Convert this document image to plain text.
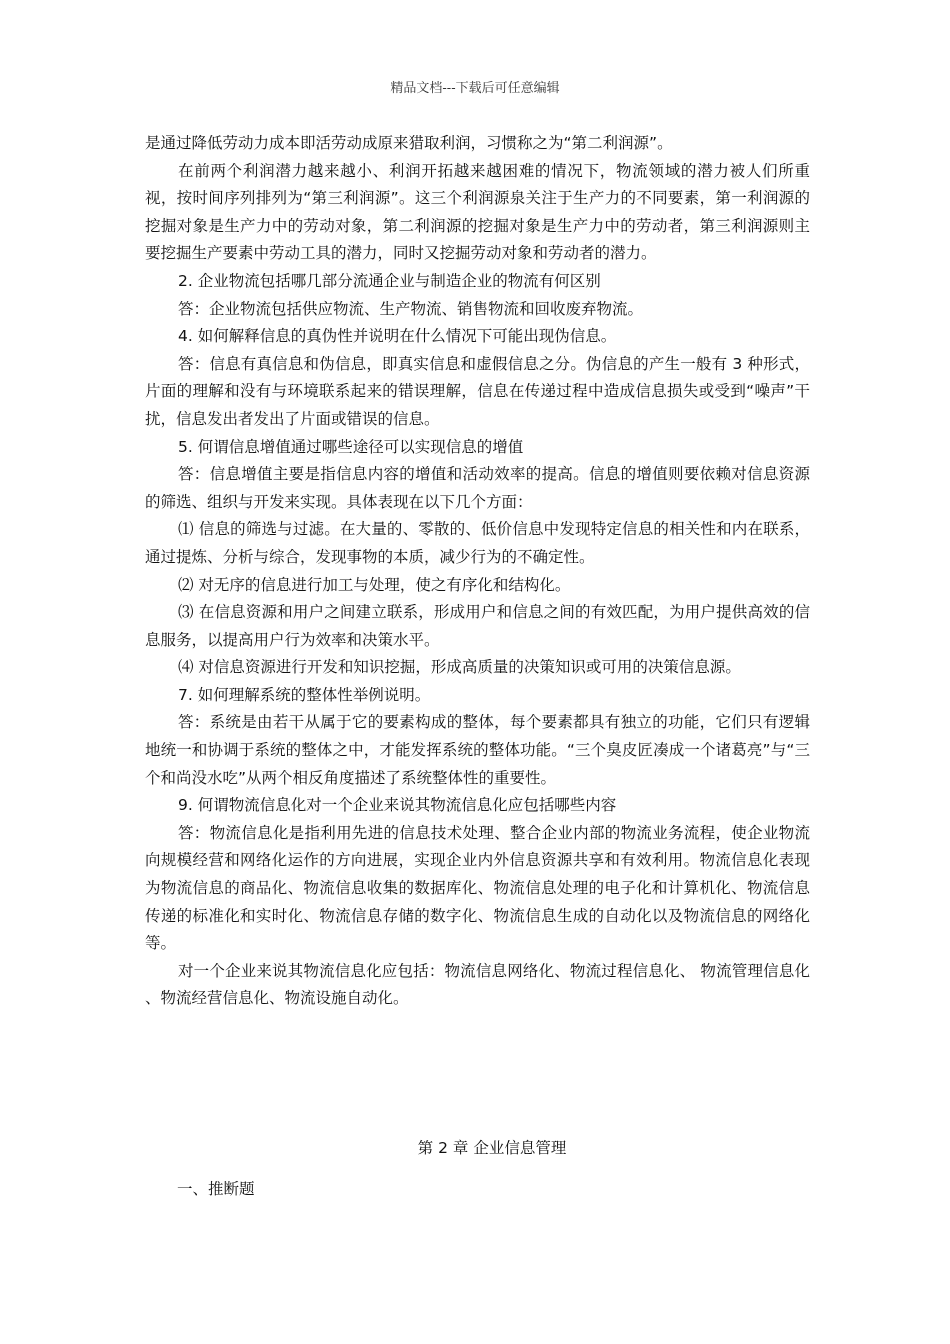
精品文档---下载后可任意编辑

是通过降低劳动力成本即活劳动成原来猎取利润，习惯称之为“第二利润源”。

在前两个利润潜力越来越小、利润开拓越来越困难的情况下，物流领域的潜力被人们所重视，按时间序列排列为“第三利润源”。这三个利润源泉关注于生产力的不同要素，第一利润源的挖掘对象是生产力中的劳动对象，第二利润源的挖掘对象是生产力中的劳动者，第三利润源则主要挖掘生产要素中劳动工具的潜力，同时又挖掘劳动对象和劳动者的潜力。

2. 企业物流包括哪几部分流通企业与制造企业的物流有何区别

答：企业物流包括供应物流、生产物流、销售物流和回收废弃物流。

4. 如何解释信息的真伪性并说明在什么情况下可能出现伪信息。

答：信息有真信息和伪信息，即真实信息和虚假信息之分。伪信息的产生一般有 3 种形式，片面的理解和没有与环境联系起来的错误理解，信息在传递过程中造成信息损失或受到“噪声”干扰，信息发出者发出了片面或错误的信息。

5. 何谓信息增值通过哪些途径可以实现信息的增值

答：信息增值主要是指信息内容的增值和活动效率的提高。信息的增值则要依赖对信息资源的筛选、组织与开发来实现。具体表现在以下几个方面：

⑴ 信息的筛选与过滤。在大量的、零散的、低价信息中发现特定信息的相关性和内在联系，通过提炼、分析与综合，发现事物的本质，减少行为的不确定性。

⑵ 对无序的信息进行加工与处理，使之有序化和结构化。

⑶ 在信息资源和用户之间建立联系，形成用户和信息之间的有效匹配，为用户提供高效的信息服务，以提高用户行为效率和决策水平。

⑷ 对信息资源进行开发和知识挖掘，形成高质量的决策知识或可用的决策信息源。

7. 如何理解系统的整体性举例说明。

答：系统是由若干从属于它的要素构成的整体，每个要素都具有独立的功能，它们只有逻辑地统一和协调于系统的整体之中，才能发挥系统的整体功能。“三个臭皮匠凑成一个诸葛亮”与“三个和尚没水吃”从两个相反角度描述了系统整体性的重要性。

9. 何谓物流信息化对一个企业来说其物流信息化应包括哪些内容

答：物流信息化是指利用先进的信息技术处理、整合企业内部的物流业务流程，使企业物流向规模经营和网络化运作的方向进展，实现企业内外信息资源共享和有效利用。物流信息化表现为物流信息的商品化、物流信息收集的数据库化、物流信息处理的电子化和计算机化、物流信息传递的标准化和实时化、物流信息存储的数字化、物流信息生成的自动化以及物流信息的网络化等。

对一个企业来说其物流信息化应包括：物流信息网络化、物流过程信息化、 物流管理信息化 、物流经营信息化、物流设施自动化。

第 2 章 企业信息管理
一、推断题
